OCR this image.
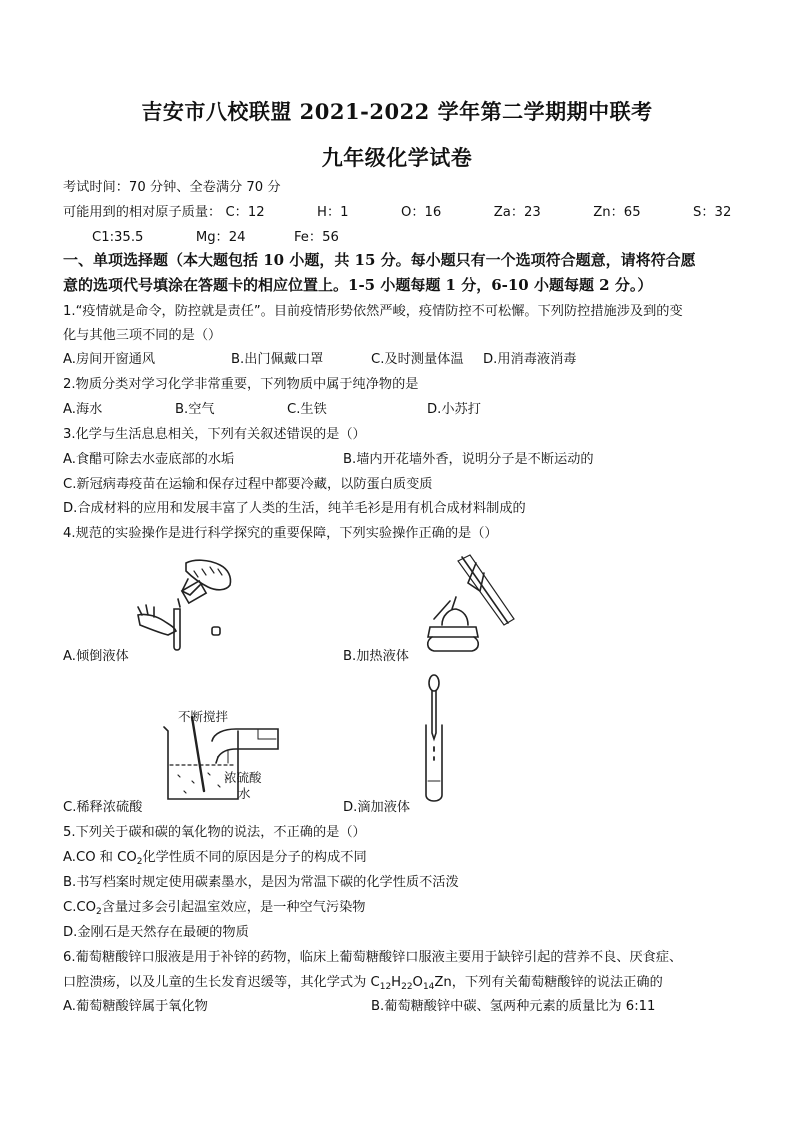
吉安市八校联盟 2021-2022 学年第二学期期中联考
九年级化学试卷
考试时间：70 分钟、全卷满分 70 分
可能用到的相对原子质量： C：12	H：1	O：16	Za：23	Zn：65	S：32
C1:35.5	Mg：24	Fe：56
一、单项选择题（本大题包括 10 小题，共 15 分。每小题只有一个选项符合题意，请将符合愿
意的选项代号填涂在答题卡的相应位置上。1-5 小题每题 1 分，6-10 小题每题 2 分。）
1.“疫情就是命令，防控就是责任”。目前疫情形势依然严峻，疫情防控不可松懈。下列防控措施涉及到的变
化与其他三项不同的是（）
A.房间开窗通风	B.出门佩戴口罩	C.及时测量体温 D.用消毒液消毒
2.物质分类对学习化学非常重要，下列物质中属于纯净物的是
A.海水	B.空气	C.生铁	D.小苏打
3.化学与生活息息相关，下列有关叙述错误的是（）
A.食醋可除去水壶底部的水垢	B.墙内开花墙外香，说明分子是不断运动的
C.新冠病毒疫苗在运输和保存过程中都要冷藏，以防蛋白质变质
D.合成材料的应用和发展丰富了人类的生活，纯羊毛衫是用有机合成材料制成的
4.规范的实验操作是进行科学探究的重要保障，下列实验操作正确的是（）
A.倾倒液体	B.加热液体
不断搅拌
浓硫酸
水
C.稀释浓硫酸	D.滴加液体
5.下列关于碳和碳的氧化物的说法，不正确的是（）
A.CO 和 $CO_2$化学性质不同的原因是分子的构成不同
B.书写档案时规定使用碳素墨水，是因为常温下碳的化学性质不活泼
$C.CO_2$含量过多会引起温室效应，是一种空气污染物
D.金刚石是天然存在最硬的物质
6.葡萄糖酸锌口服液是用于补锌的药物，临床上葡萄糖酸锌口服液主要用于缺锌引起的营养不良、厌食症、
口腔溃疡，以及儿童的生长发育迟缓等，其化学式为 $C_{12}H_{22}O_{14}Zn$，下列有关葡萄糖酸锌的说法正确的
A.葡萄糖酸锌属于氧化物	B.葡萄糖酸锌中碳、氢两种元素的质量比为 6:11
